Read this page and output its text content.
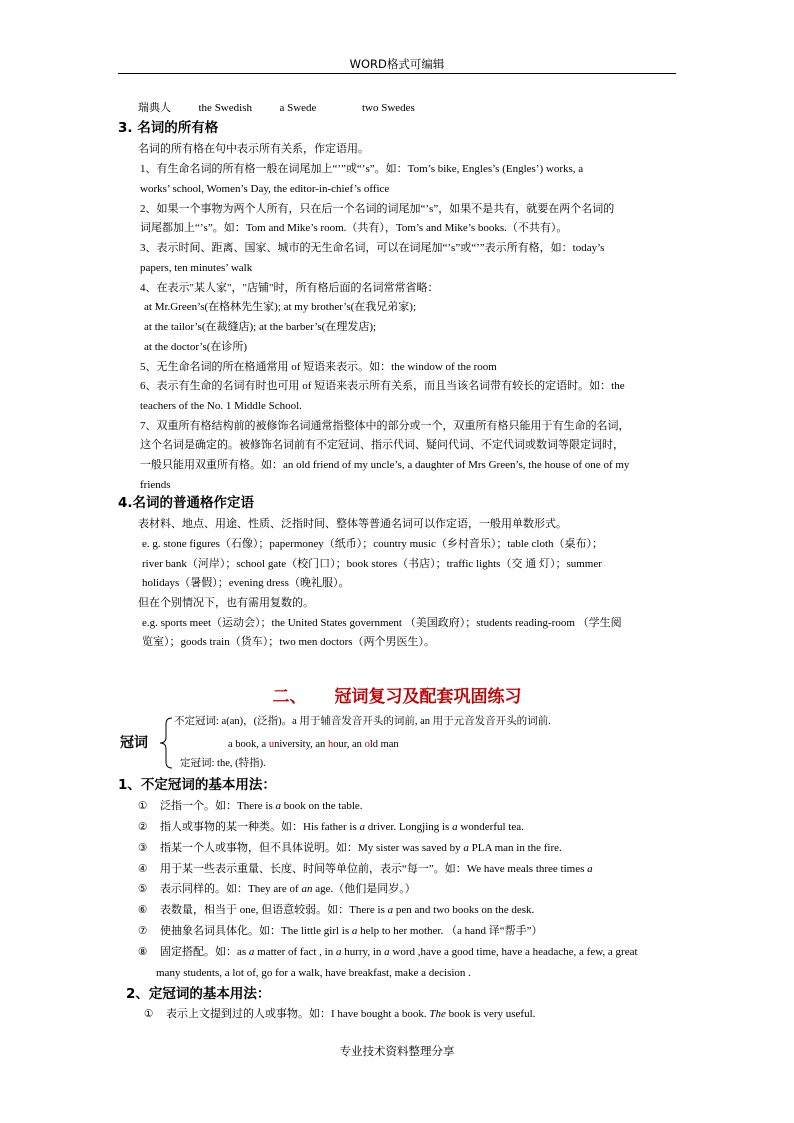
WORD格式可编辑
瑞典人	the Swedish	a Swede	two Swedes
3. 名词的所有格
名词的所有格在句中表示所有关系，作定语用。
1、有生命名词的所有格一般在词尾加上“’”或“’s”。如：Tom’s bike, Engles’s (Engles’) works, a
works’ school, Women’s Day, the editor-in-chief’s office
2、如果一个事物为两个人所有，只在后一个名词的词尾加“’s”，如果不是共有，就要在两个名词的
词尾都加上“’s”。如：Tom and Mike’s room.（共有），Tom’s and Mike’s books.（不共有）。
3、表示时间、距离、国家、城市的无生命名词，可以在词尾加“’s”或“’”表示所有格，如：today’s
papers, ten minutes’ walk
4、在表示"某人家"，"店铺"时，所有格后面的名词常常省略：
at Mr.Green’s(在格林先生家); at my brother’s(在我兄弟家);
at the tailor’s(在裁缝店); at the barber’s(在理发店);
at the doctor’s(在诊所)
5、无生命名词的所在格通常用 of 短语来表示。如：the window of the room
6、表示有生命的名词有时也可用 of 短语来表示所有关系，而且当该名词带有较长的定语时。如：the
teachers of the No. 1 Middle School.
7、双重所有格结构前的被修饰名词通常指整体中的部分或一个，双重所有格只能用于有生命的名词，
这个名词是确定的。被修饰名词前有不定冠词、指示代词、疑问代词、不定代词或数词等限定词时，
一般只能用双重所有格。如：an old friend of my uncle’s, a daughter of Mrs Green’s, the house of one of my
friends
4.名词的普通格作定语
表材料、地点、用途、性质、泛指时间、整体等普通名词可以作定语，一般用单数形式。
e. g. stone figures（石像）；papermoney（纸币）；country music（乡村音乐）；table cloth（桌布）；
river bank（河岸）；school gate（校门口）；book stores（书店）；traffic lights（交 通 灯）；summer
holidays（暑假）；evening dress（晚礼服）。
但在个别情况下，也有需用复数的。
e.g. sports meet（运动会）；the United States government （美国政府）；students reading-room （学生阅
览室）；goods train（货车）；two men doctors（两个男医生）。
二、 冠词复习及配套巩固练习
冠词
不定冠词: a(an)，(泛指)。a 用于辅音发音开头的词前, an 用于元音发音开头的词前.
a book, a university, an hour, an old man
定冠词: the, (特指).
1、不定冠词的基本用法：
① 泛指一个。如：There is a book on the table.
② 指人或事物的某一种类。如：His father is a driver. Longjing is a wonderful tea.
③ 指某一个人或事物，但不具体说明。如：My sister was saved by a PLA man in the fire.
④ 用于某一些表示重量、长度、时间等单位前，表示“每一”。如：We have meals three times a
⑤ 表示同样的。如：They are of an age.（他们是同岁。）
⑥ 表数量，相当于 one, 但语意较弱。如：There is a pen and two books on the desk.
⑦ 使抽象名词具体化。如：The little girl is a help to her mother. （a hand 译“帮手”）
⑧ 固定搭配。如：as a matter of fact , in a hurry, in a word ,have a good time, have a headache, a few, a great
many students, a lot of, go for a walk, have breakfast, make a decision .
2、定冠词的基本用法：
① 表示上文提到过的人或事物。如：I have bought a book. The book is very useful.
专业技术资料整理分享
